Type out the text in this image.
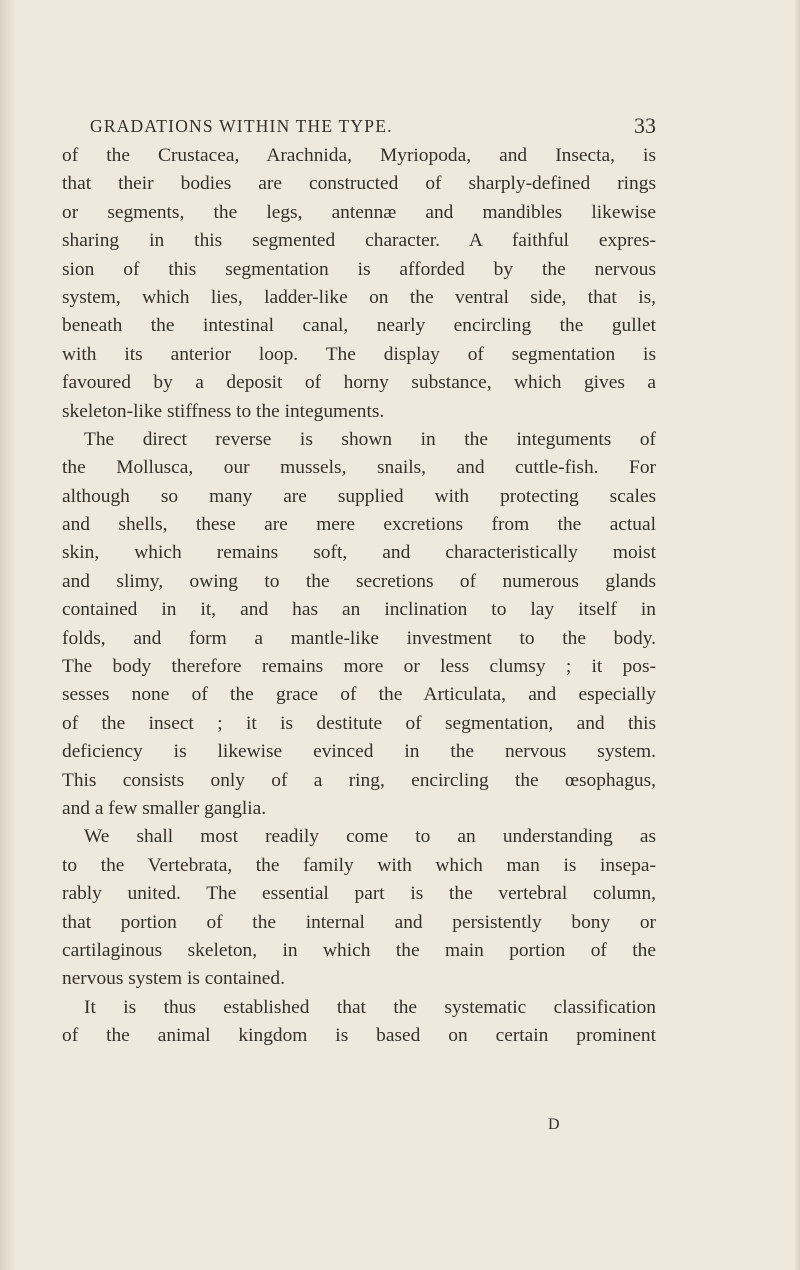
GRADATIONS WITHIN THE TYPE.	33
of the Crustacea, Arachnida, Myriopoda, and Insecta, is
that their bodies are constructed of sharply-defined rings
or segments, the legs, antennæ and mandibles likewise
sharing in this segmented character. A faithful expres-
sion of this segmentation is afforded by the nervous
system, which lies, ladder-like on the ventral side, that is,
beneath the intestinal canal, nearly encircling the gullet
with its anterior loop. The display of segmentation is
favoured by a deposit of horny substance, which gives a
skeleton-like stiffness to the integuments.
The direct reverse is shown in the integuments of
the Mollusca, our mussels, snails, and cuttle-fish. For
although so many are supplied with protecting scales
and shells, these are mere excretions from the actual
skin, which remains soft, and characteristically moist
and slimy, owing to the secretions of numerous glands
contained in it, and has an inclination to lay itself in
folds, and form a mantle-like investment to the body.
The body therefore remains more or less clumsy ; it pos-
sesses none of the grace of the Articulata, and especially
of the insect ; it is destitute of segmentation, and this
deficiency is likewise evinced in the nervous system.
This consists only of a ring, encircling the œsophagus,
and a few smaller ganglia.
We shall most readily come to an understanding as
to the Vertebrata, the family with which man is insepa-
rably united. The essential part is the vertebral column,
that portion of the internal and persistently bony or
cartilaginous skeleton, in which the main portion of the
nervous system is contained.
It is thus established that the systematic classification
of the animal kingdom is based on certain prominent
D
